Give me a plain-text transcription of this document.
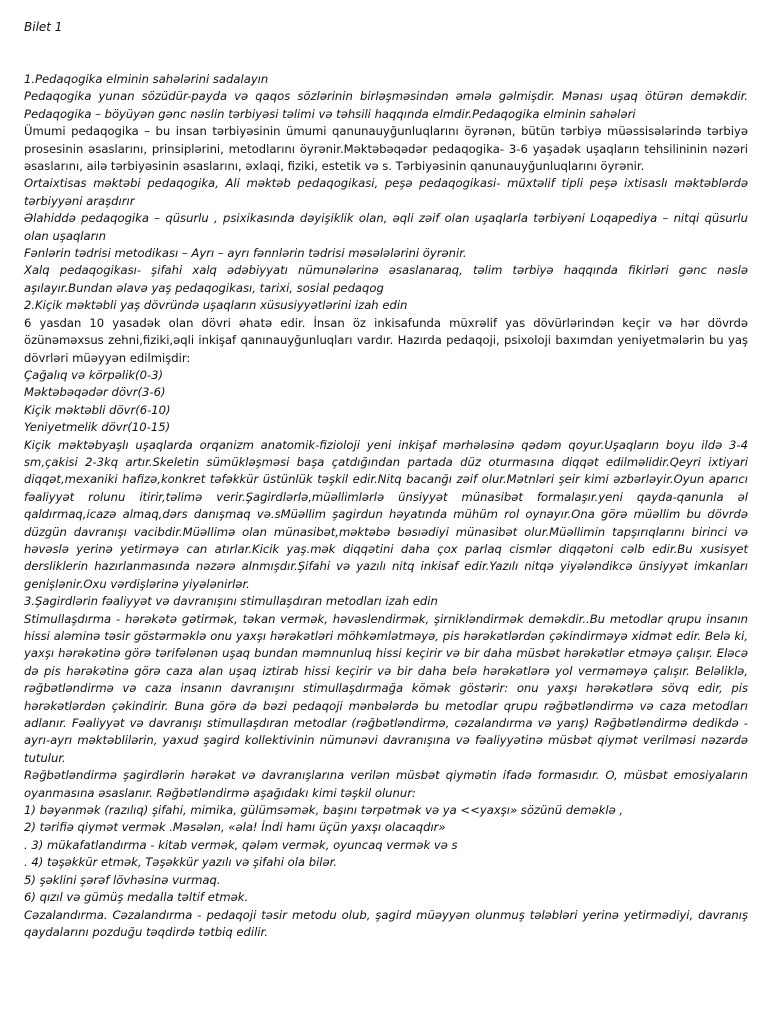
Bilet 1

1.Pedaqogika elminin sahələrini sadalayın

Pedaqogika yunan sözüdür-payda və qaqos sözlərinin birləşməsindən əmələ gəlmişdir. Mənası uşaq ötürən deməkdir. Pedaqogika – böyüyən gənc nəslin tərbiyəsi təlimi və təhsili haqqında elmdir.Pedaqogika elminin sahələri

Ümumi pedaqogika – bu insan tərbiyəsinin ümumi qanunauyğunluqlarını öyrənən, bütün tərbiyə müəssisələrində tərbiyə prosesinin əsaslarını, prinsiplərini, metodlarını öyrənir.Məktəbəqədər pedaqogika- 3-6 yaşadək uşaqların tehsilininin nəzəri əsaslarını, ailə tərbiyəsinin əsaslarını, əxlaqi, fiziki, estetik və s. Tərbiyəsinin qanunauyğunluqlarını öyrənir.

Ortaixtisas məktəbi pedaqogika, Ali məktəb pedaqogikasi, peşə pedaqogikasi- müxtəlif tipli peşə ixtisaslı məktəblərdə tərbiyyəni araşdırır

Əlahiddə pedaqogika – qüsurlu , psixikasında dəyişiklik olan, əqli zəif olan uşaqlarla tərbiyəni Loqapediya – nitqi qüsurlu olan uşaqların

Fənlərin tədrisi metodikası – Ayrı – ayrı fənnlərin tədrisi məsələlərini öyrənir.

Xalq pedaqogikası- şifahi xalq ədəbiyyatı nümunələrinə əsaslanaraq, təlim tərbiyə haqqında fikirləri gənc nəslə aşılayır.Bundan əlavə yaş pedaqogikası, tarixi, sosial pedaqog

2.Kiçik məktəbli yaş dövründə uşaqların xüsusiyyətlərini izah edin

6 yasdan 10 yasadək olan dövri əhatə edir. İnsan öz inkisafunda müxrəlif yas dövürlərindən keçir və hər dövrdə özünəməxsus zehni,fiziki,əqli inkişaf qanınauyğunluqları vardır. Hazırda pedaqoji, psixoloji baxımdan yeniyetmələrin bu yaş dövrləri müəyyən edilmişdir:

Çağalıq və körpəlik(0-3)

Məktəbəqədər dövr(3-6)

Kiçik məktəbli dövr(6-10)

Yeniyetmelik dövr(10-15)

Kiçik məktəbyaşlı uşaqlarda orqanizm anatomik-fizioloji yeni inkişaf mərhələsinə qədəm qoyur.Uşaqların boyu ildə 3-4 sm,çakisi 2-3kq artır.Skeletin sümükləşməsi başa çatdığından partada düz oturmasına diqqət edilməlidir.Qeyri ixtiyari diqqət,mexaniki hafizə,konkret təfəkkür üstünlük təşkil edir.Nitq bacanğı zəif olur.Mətnləri şeir kimi əzbərləyir.Oyun aparıcı fəaliyyət rolunu itirir,təlimə verir.Şagirdlərlə,müəllimlərlə ünsiyyət münasibət formalaşır.yeni qayda-qanunla əl qaldırmaq,icazə almaq,dərs danışmaq və.sMüəllim şagirdun həyatında mühüm rol oynayır.Ona görə müəllim bu dövrdə düzgün davranışı vacibdir.Müəllimə olan münasibət,məktəbə bəsıədiyi münasibət olur.Müəllimin tapşırıqlarını birinci və həvəslə yerinə yetirməyə can atırlar.Kicik yaş.mək diqqətini daha çox parlaq cismlər diqqətoni cəlb edir.Bu xusisyet dersliklerin hazırlanmasında nəzərə alnmışdır.Şifahi və yazılı nitq inkisaf edir.Yazılı nitqə yiyələndikcə ünsiyyət imkanları genişlənir.Oxu vərdişlərinə yiyələnirlər.

3.Şagirdlərin fəaliyyət və davranışını stimullaşdıran metodları izah edin

Stimullaşdırma - hərəkətə gətirmək, təkan vermək, həvəslendirmək, şirnikləndirmək deməkdir..Bu metodlar qrupu insanın hissi aləminə təsir göstərməklə onu yaxşı hərəkətləri möhkəmlətməyə, pis hərəkətlərdən çəkindirməyə xidmət edir. Belə ki, yaxşı hərəkətinə görə tərifələnən uşaq bundan məmnunluq hissi keçirir və bir daha müsbət hərəkətlər etməyə çalışır. Eləcə də pis hərəkətinə görə caza alan uşaq iztirab hissi keçirir və bir daha belə hərəkətlərə yol verməməyə çalışır. Beləliklə, rəğbətləndirmə və caza insanın davranışını stimullaşdırmağa kömək göstərir: onu yaxşı hərəkətlərə sövq edir, pis hərəkətlərdən çəkindirir. Buna görə də bəzi pedaqoji mənbələrdə bu metodlar qrupu rəğbətləndirmə və caza metodları adlanır. Fəaliyyət və davranışı stimullaşdıran metodlar (rəğbətləndirmə, cəzalandırma və yarış) Rəğbətləndirmə dedikdə - ayrı-ayrı məktəblilərin, yaxud şagird kollektivinin nümunəvi davranışına və fəaliyyətinə müsbət qiymət verilməsi nəzərdə tutulur.

Rəğbətləndirmə şagirdlərin hərəkət və davranışlarına verilən müsbət qiymətin ifadə formasıdır. O, müsbət emosiyaların oyanmasına əsaslanır. Rəğbətləndirmə aşağıdakı kimi təşkil olunur:

1) bəyənmək (razılıq) şifahi, mimika, gülümsəmək, başını tərpətmək və ya <<yaxşı» sözünü deməklə ,

2) tərifiə qiymət vermək .Məsələn, «əla! İndi hamı üçün yaxşı olacaqdır»

. 3) mükafatlandırma - kitab vermək, qələm vermək, oyuncaq vermək və s

. 4) təşəkkür etmək, Təşəkkür yazılı və şifahi ola bilər.

5) şəklini şərəf lövhəsinə vurmaq.

6) qızıl və gümüş medalla təltif etmək.

Cəzalandırma. Cəzalandırma - pedaqoji təsir metodu olub, şagird müəyyən olunmuş tələbləri yerinə yetirmədiyi, davranış qaydalarını pozduğu təqdirdə tətbiq edilir.
